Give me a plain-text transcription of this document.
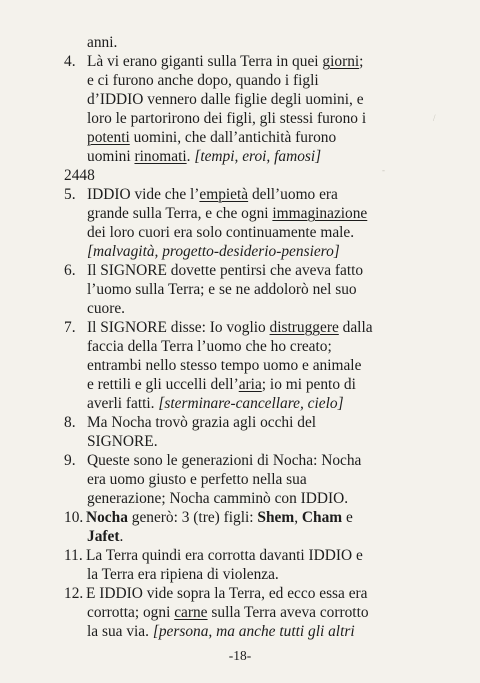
anni.
4. Là vi erano giganti sulla Terra in quei giorni;
e ci furono anche dopo, quando i figli
d’IDDIO vennero dalle figlie degli uomini, e
loro le partorirono dei figli, gli stessi furono i
potenti uomini, che dall’antichità furono
uomini rinomati. [tempi, eroi, famosi]
2448
5. IDDIO vide che l’empietà dell’uomo era
grande sulla Terra, e che ogni immaginazione
dei loro cuori era solo continuamente male.
[malvagità, progetto-desiderio-pensiero]
6. Il SIGNORE dovette pentirsi che aveva fatto
l’uomo sulla Terra; e se ne addolorò nel suo
cuore.
7. Il SIGNORE disse: Io voglio distruggere dalla
faccia della Terra l’uomo che ho creato;
entrambi nello stesso tempo uomo e animale
e rettili e gli uccelli dell’aria; io mi pento di
averli fatti. [sterminare-cancellare, cielo]
8. Ma Nocha trovò grazia agli occhi del
SIGNORE.
9. Queste sono le generazioni di Nocha: Nocha
era uomo giusto e perfetto nella sua
generazione; Nocha camminò con IDDIO.
10. Nocha generò: 3 (tre) figli: Shem, Cham e
Jafet.
11. La Terra quindi era corrotta davanti IDDIO e
la Terra era ripiena di violenza.
12. E IDDIO vide sopra la Terra, ed ecco essa era
corrotta; ogni carne sulla Terra aveva corrotto
la sua via. [persona, ma anche tutti gli altri
/
-
-18-
